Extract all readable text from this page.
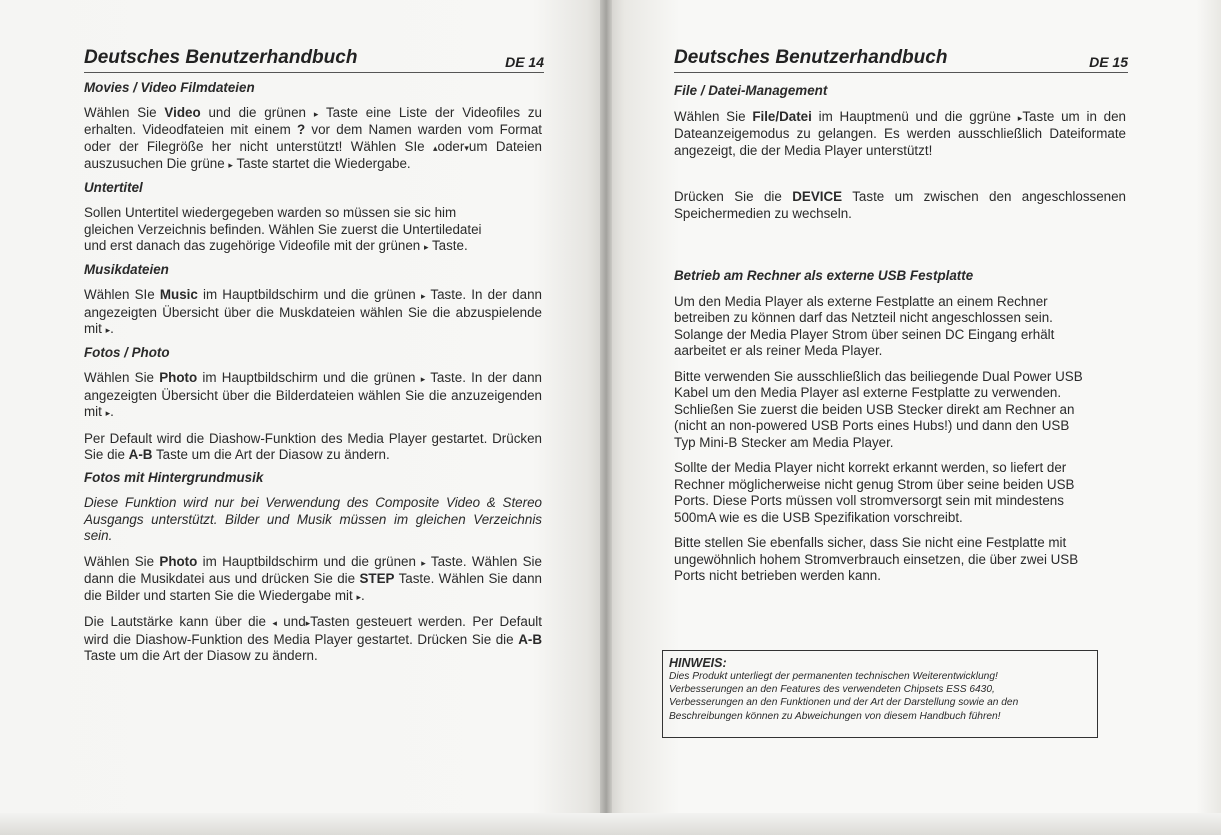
Deutsches Benutzerhandbuch	DE 14

Movies / Video Filmdateien

Wählen Sie Video und die grünen ▸ Taste eine Liste der Videofiles zu erhalten. Videodfateien mit einem ? vor dem Namen warden vom Format oder der Filegröße her nicht unterstützt! Wählen SIe ▴oder▾um Dateien auszusuchen Die grüne ▸ Taste startet die Wiedergabe.

Untertitel

Sollen Untertitel wiedergegeben warden so müssen sie sic him
gleichen Verzeichnis befinden. Wählen Sie zuerst die Untertiledatei
und erst danach das zugehörige Videofile mit der grünen ▸ Taste.

Musikdateien

Wählen SIe Music im Hauptbildschirm und die grünen ▸ Taste. In der dann angezeigten Übersicht über die Muskdateien wählen Sie die abzuspielende mit ▸.

Fotos / Photo

Wählen Sie Photo im Hauptbildschirm und die grünen ▸ Taste. In der dann angezeigten Übersicht über die Bilderdateien wählen Sie die anzuzeigenden mit ▸.

Per Default wird die Diashow-Funktion des Media Player gestartet. Drücken Sie die A-B Taste um die Art der Diasow zu ändern.

Fotos mit Hintergrundmusik

Diese Funktion wird nur bei Verwendung des Composite Video & Stereo Ausgangs unterstützt. Bilder und Musik müssen im gleichen Verzeichnis sein.

Wählen Sie Photo im Hauptbildschirm und die grünen ▸ Taste. Wählen Sie dann die Musikdatei aus und drücken Sie die STEP Taste. Wählen Sie dann die Bilder und starten Sie die Wiedergabe mit ▸.

Die Lautstärke kann über die ◂ und▸Tasten gesteuert werden. Per Default wird die Diashow-Funktion des Media Player gestartet. Drücken Sie die A-B Taste um die Art der Diasow zu ändern.

Deutsches Benutzerhandbuch	DE 15

File / Datei-Management

Wählen Sie File/Datei im Hauptmenü und die ggrüne ▸Taste um in den Dateanzeigemodus zu gelangen. Es werden ausschließlich Dateiformate angezeigt, die der Media Player unterstützt!

Drücken Sie die DEVICE Taste um zwischen den angeschlossenen Speichermedien zu wechseln.

Betrieb am Rechner als externe USB Festplatte

Um den Media Player als externe Festplatte an einem Rechner
betreiben zu können darf das Netzteil nicht angeschlossen sein.
Solange der Media Player Strom über seinen DC Eingang erhält
aarbeitet er als reiner Meda Player.

Bitte verwenden Sie ausschließlich das beiliegende Dual Power USB
Kabel um den Media Player asl externe Festplatte zu verwenden.
Schließen Sie zuerst die beiden USB Stecker direkt am Rechner an
(nicht an non-powered USB Ports eines Hubs!) und dann den USB
Typ Mini-B Stecker am Media Player.

Sollte der Media Player nicht korrekt erkannt werden, so liefert der
Rechner möglicherweise nicht genug Strom über seine beiden USB
Ports. Diese Ports müssen voll stromversorgt sein mit mindestens
500mA wie es die USB Spezifikation vorschreibt.

Bitte stellen Sie ebenfalls sicher, dass Sie nicht eine Festplatte mit
ungewöhnlich hohem Stromverbrauch einsetzen, die über zwei USB
Ports nicht betrieben werden kann.

HINWEIS:
Dies Produkt unterliegt der permanenten technischen Weiterentwicklung!
Verbesserungen an den Features des verwendeten Chipsets ESS 6430,
Verbesserungen an den Funktionen und der Art der Darstellung sowie an den
Beschreibungen können zu Abweichungen von diesem Handbuch führen!
